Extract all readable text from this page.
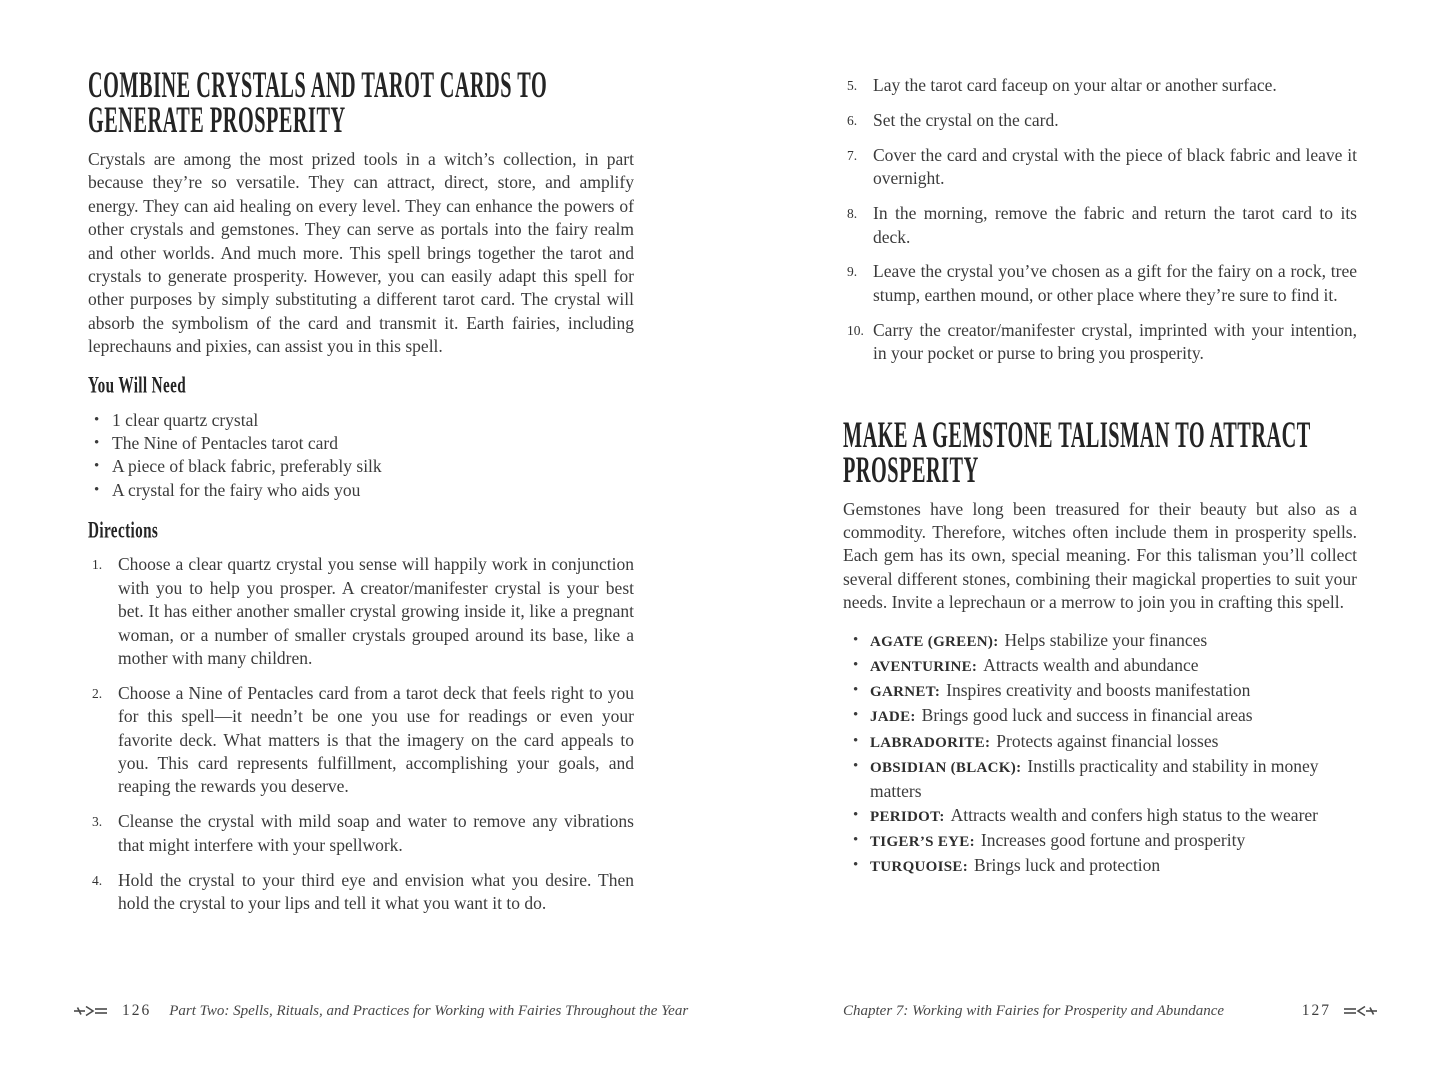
COMBINE CRYSTALS AND TAROT CARDS TO
GENERATE PROSPERITY

Crystals are among the most prized tools in a witch’s collection, in part because they’re so versatile. They can attract, direct, store, and amplify energy. They can aid healing on every level. They can enhance the powers of other crystals and gemstones. They can serve as portals into the fairy realm and other worlds. And much more. This spell brings together the tarot and crystals to generate prosperity. However, you can easily adapt this spell for other purposes by simply substituting a different tarot card. The crystal will absorb the symbolism of the card and transmit it. Earth fairies, including leprechauns and pixies, can assist you in this spell.

You Will Need
• 1 clear quartz crystal
• The Nine of Pentacles tarot card
• A piece of black fabric, preferably silk
• A crystal for the fairy who aids you
Directions
1. Choose a clear quartz crystal you sense will happily work in conjunction with you to help you prosper. A creator/manifester crystal is your best bet. It has either another smaller crystal growing inside it, like a pregnant woman, or a number of smaller crystals grouped around its base, like a mother with many children.
2. Choose a Nine of Pentacles card from a tarot deck that feels right to you for this spell—it needn’t be one you use for readings or even your favorite deck. What matters is that the imagery on the card appeals to you. This card represents fulfillment, accomplishing your goals, and reaping the rewards you deserve.
3. Cleanse the crystal with mild soap and water to remove any vibrations that might interfere with your spellwork.
4. Hold the crystal to your third eye and envision what you desire. Then hold the crystal to your lips and tell it what you want it to do.
5. Lay the tarot card faceup on your altar or another surface.
6. Set the crystal on the card.
7. Cover the card and crystal with the piece of black fabric and leave it overnight.
8. In the morning, remove the fabric and return the tarot card to its deck.
9. Leave the crystal you’ve chosen as a gift for the fairy on a rock, tree stump, earthen mound, or other place where they’re sure to find it.
10. Carry the creator/manifester crystal, imprinted with your intention, in your pocket or purse to bring you prosperity.
MAKE A GEMSTONE TALISMAN TO ATTRACT
PROSPERITY

Gemstones have long been treasured for their beauty but also as a commodity. Therefore, witches often include them in prosperity spells. Each gem has its own, special meaning. For this talisman you’ll collect several different stones, combining their magickal properties to suit your needs. Invite a leprechaun or a merrow to join you in crafting this spell.

• AGATE (GREEN): Helps stabilize your finances
• AVENTURINE: Attracts wealth and abundance
• GARNET: Inspires creativity and boosts manifestation
• JADE: Brings good luck and success in financial areas
• LABRADORITE: Protects against financial losses
• OBSIDIAN (BLACK): Instills practicality and stability in money matters
• PERIDOT: Attracts wealth and confers high status to the wearer
• TIGER’S EYE: Increases good fortune and prosperity
• TURQUOISE: Brings luck and protection
126 Part Two: Spells, Rituals, and Practices for Working with Fairies Throughout the Year	Chapter 7: Working with Fairies for Prosperity and Abundance	127
